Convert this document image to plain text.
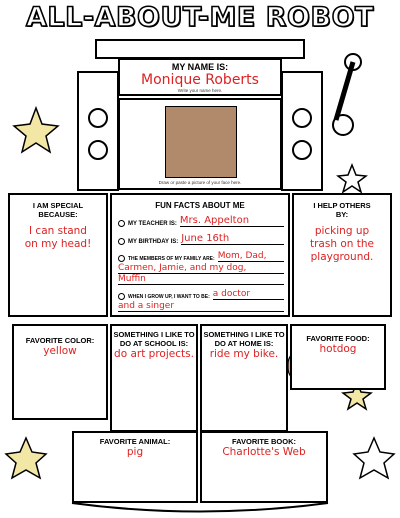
ALL-ABOUT-ME ROBOT
MY NAME IS:
Monique Roberts
Write your name here.
Draw or paste a picture of your face here.
I AM SPECIAL BECAUSE:
I can stand on my head!
FUN FACTS ABOUT ME
MY TEACHER IS: Mrs. Appelton
MY BIRTHDAY IS: June 16th
THE MEMBERS OF MY FAMILY ARE: Mom, Dad,
Carmen, Jamie, and my dog,
Muffin
WHEN I GROW UP, I WANT TO BE: a doctor
and a singer
I HELP OTHERS BY:
picking up trash on the playground.
FAVORITE COLOR:
yellow
SOMETHING I LIKE TO DO AT SCHOOL IS:
do art projects.
SOMETHING I LIKE TO DO AT HOME IS:
ride my bike.
FAVORITE FOOD:
hotdog
FAVORITE ANIMAL:
pig
FAVORITE BOOK:
Charlotte's Web
